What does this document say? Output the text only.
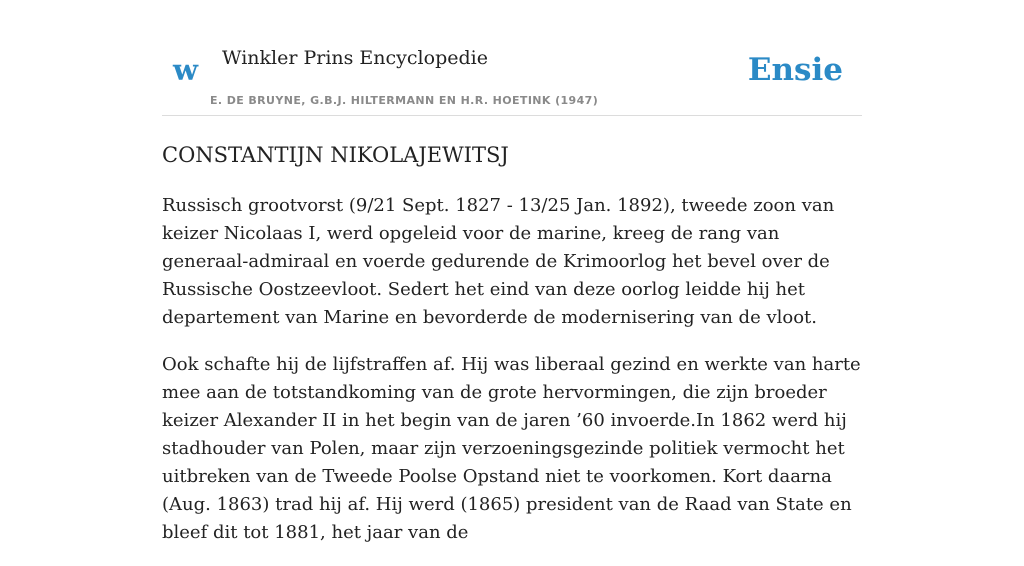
w Winkler Prins Encyclopedie
E. DE BRUYNE, G.B.J. HILTERMANN EN H.R. HOETINK (1947)
Ensie
CONSTANTIJN NIKOLAJEWITSJ

Russisch grootvorst (9/21 Sept. 1827 - 13/25 Jan. 1892), tweede zoon van keizer Nicolaas I, werd opgeleid voor de marine, kreeg de rang van generaal-admiraal en voerde gedurende de Krimoorlog het bevel over de Russische Oostzeevloot. Sedert het eind van deze oorlog leidde hij het departement van Marine en bevorderde de modernisering van de vloot.

Ook schafte hij de lijfstraffen af. Hij was liberaal gezind en werkte van harte mee aan de totstandkoming van de grote hervormingen, die zijn broeder keizer Alexander II in het begin van de jaren ’60 invoerde.In 1862 werd hij stadhouder van Polen, maar zijn verzoeningsgezinde politiek vermocht het uitbreken van de Tweede Poolse Opstand niet te voorkomen. Kort daarna (Aug. 1863) trad hij af. Hij werd (1865) president van de Raad van State en bleef dit tot 1881, het jaar van de
